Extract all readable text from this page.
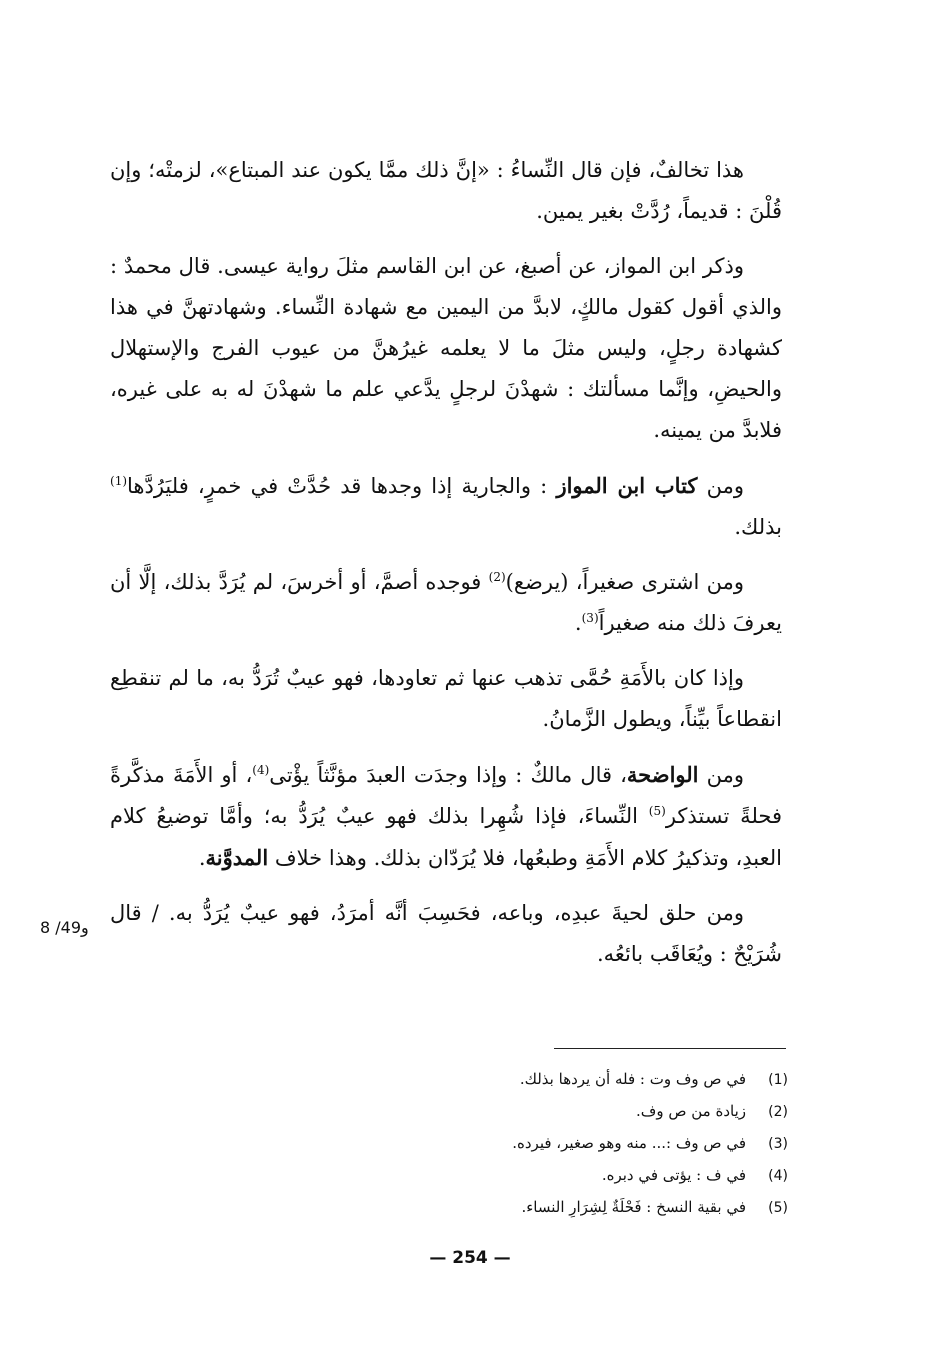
هذا تخالفٌ، فإن قال النِّساءُ : «إنَّ ذلك ممَّا يكون عند المبتاع»، لزمتْه؛ وإن قُلْنَ : قديماً، رُدَّتْ بغير يمين.

وذكر ابن المواز، عن أصبغ، عن ابن القاسم مثلَ رواية عيسى. قال محمدٌ : والذي أقول كقول مالكٍ، لابدَّ من اليمين مع شهادة النِّساء. وشهادتهنَّ في هذا كشهادة رجلٍ، وليس مثلَ ما لا يعلمه غيرُهنَّ من عيوب الفرج والإستهلال والحيضِ، وإنَّما مسألتك : شهدْنَ لرجلٍ يدَّعي علم ما شهدْنَ له به على غيره، فلابدَّ من يمينه.

ومن كتاب ابن المواز : والجارية إذا وجدها قد حُدَّتْ في خمرٍ، فليَرُدَّها$^{(1)}$ بذلك.

ومن اشترى صغيراً، (يرضع)$^{(2)}$ فوجده أصمَّ، أو أخرسَ، لم يُرَدَّ بذلك، إلَّا أن يعرفَ ذلك منه صغيراً$^{(3)}$.

وإذا كان بالأَمَةِ حُمَّى تذهب عنها ثم تعاودها، فهو عيبٌ تُرَدُّ به، ما لم تنقطِع انقطاعاً بيِّناً، ويطول الزَّمانُ.

ومن الواضحة، قال مالكٌ : وإذا وجدَت العبدَ مؤنَّثاً يؤْتى$^{(4)}$، أو الأَمَةَ مذكَّرةً فحلةً تستذكر$^{(5)}$ النِّساءَ، فإذا شُهِرا بذلك فهو عيبٌ يُرَدُّ به؛ وأمَّا توضيعُ كلام العبدِ، وتذكيرُ كلام الأَمَةِ وطبعُها، فلا يُرَدّان بذلك. وهذا خلاف المدوَّنة.

ومن حلق لحيةَ عبدِه، وباعه، فحَسِبَ أنَّه أمرَدُ، فهو عيبٌ يُرَدُّ به. / قال شُرَيْحٌ : ويُعَاقَب بائعُه.

8 /49و
(1)
في ص وف وت : فله أن يردها بذلك.
(2)
زيادة من ص وف.
(3)
في ص وف :... منه وهو صغير، فيرده.
(4)
في ف : يؤتى في دبره.
(5)
في بقية النسخ : فَحْلَةٌ لِشِرَارِ النساء.
— 254 —
